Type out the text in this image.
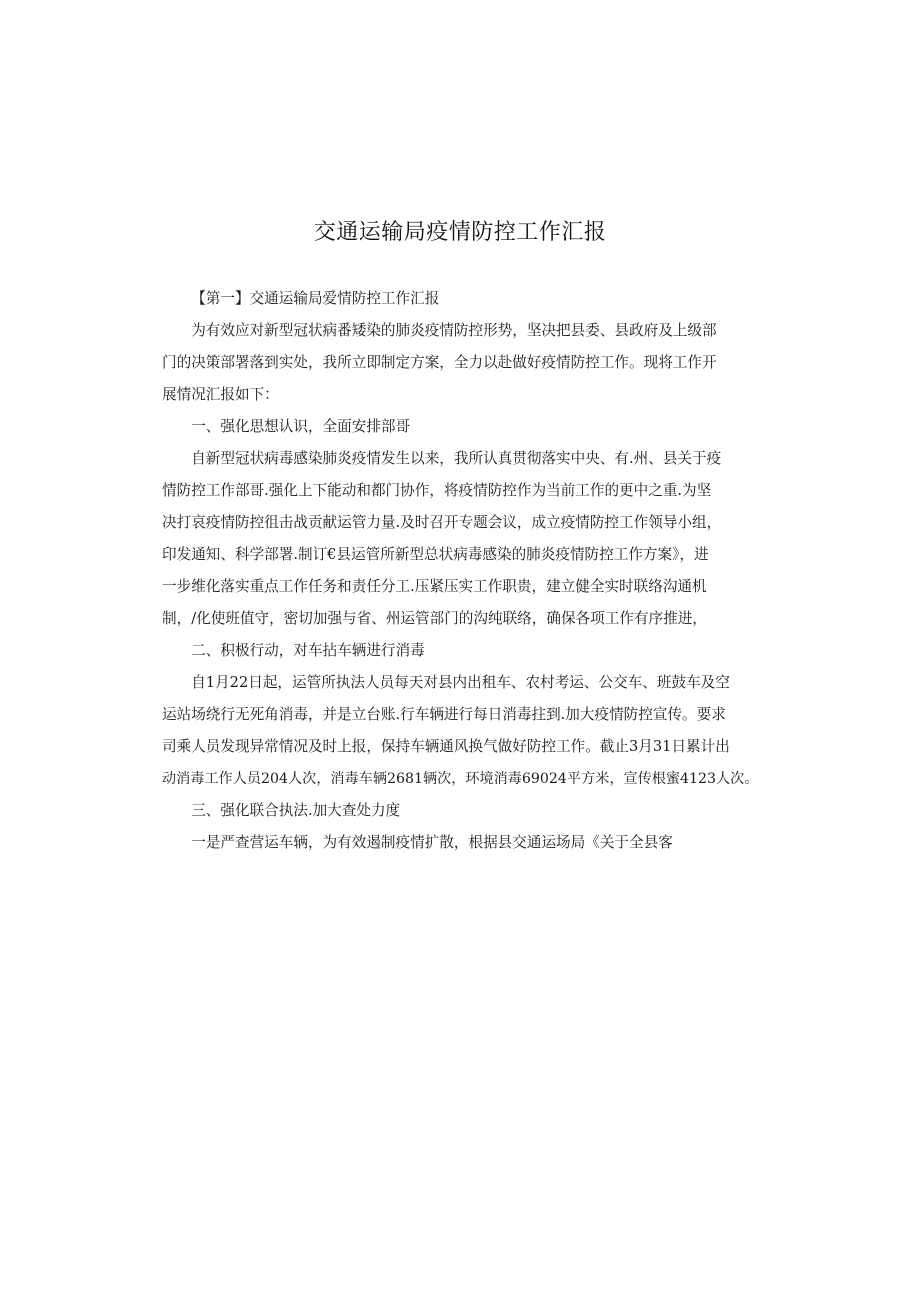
交通运输局疫情防控工作汇报
【第一】交通运输局爱情防控工作汇报
为有效应对新型冠状病番矮染的肺炎疫情防控形势，坚决把县委、县政府及上级部
门的决策部署落到实处，我所立即制定方案，全力以赴做好疫情防控工作。现将工作开
展情况汇报如下：
一、强化思想认识，全面安排部哥
自新型冠状病毒感染肺炎疫情发生以来，我所认真贯彻落实中央、有.州、县关于疫
情防控工作部哥.强化上下能动和都门协作，将疫情防控作为当前工作的更中之重.为坚
决打哀疫情防控徂击战贡献运管力量.及时召开专题会议，成立疫情防控工作领导小组，
印发通知、科学部署.制订€县运管所新型总状病毒感染的肺炎疫情防控工作方案》，进
一步维化落实重点工作任务和责任分工.压紧压实工作职贵，建立健全实时联络沟通机
制，/化使班值守，密切加强与省、州运管部门的沟纯联络，确保各项工作有序推进，
二、积极行动，对车拈车辆进行消毒
自1月22日起，运管所执法人员每天对县内出租车、农村考运、公交车、班鼓车及空
运站场绕行无死角消毒，并是立台账.行车辆进行每日消毒拄到.加大疫情防控宣传。要求
司乘人员发现异常情况及时上报，保持车辆通风换气做好防控工作。截止3月31日累计出
动消毒工作人员204人次，消毒车辆2681辆次，环境消毒69024平方米，宣传根蜜4123人次。
三、强化联合执法.加大查处力度
一是严查营运车辆，为有效遏制疫情扩散，根据县交通运场局《关于全县客
